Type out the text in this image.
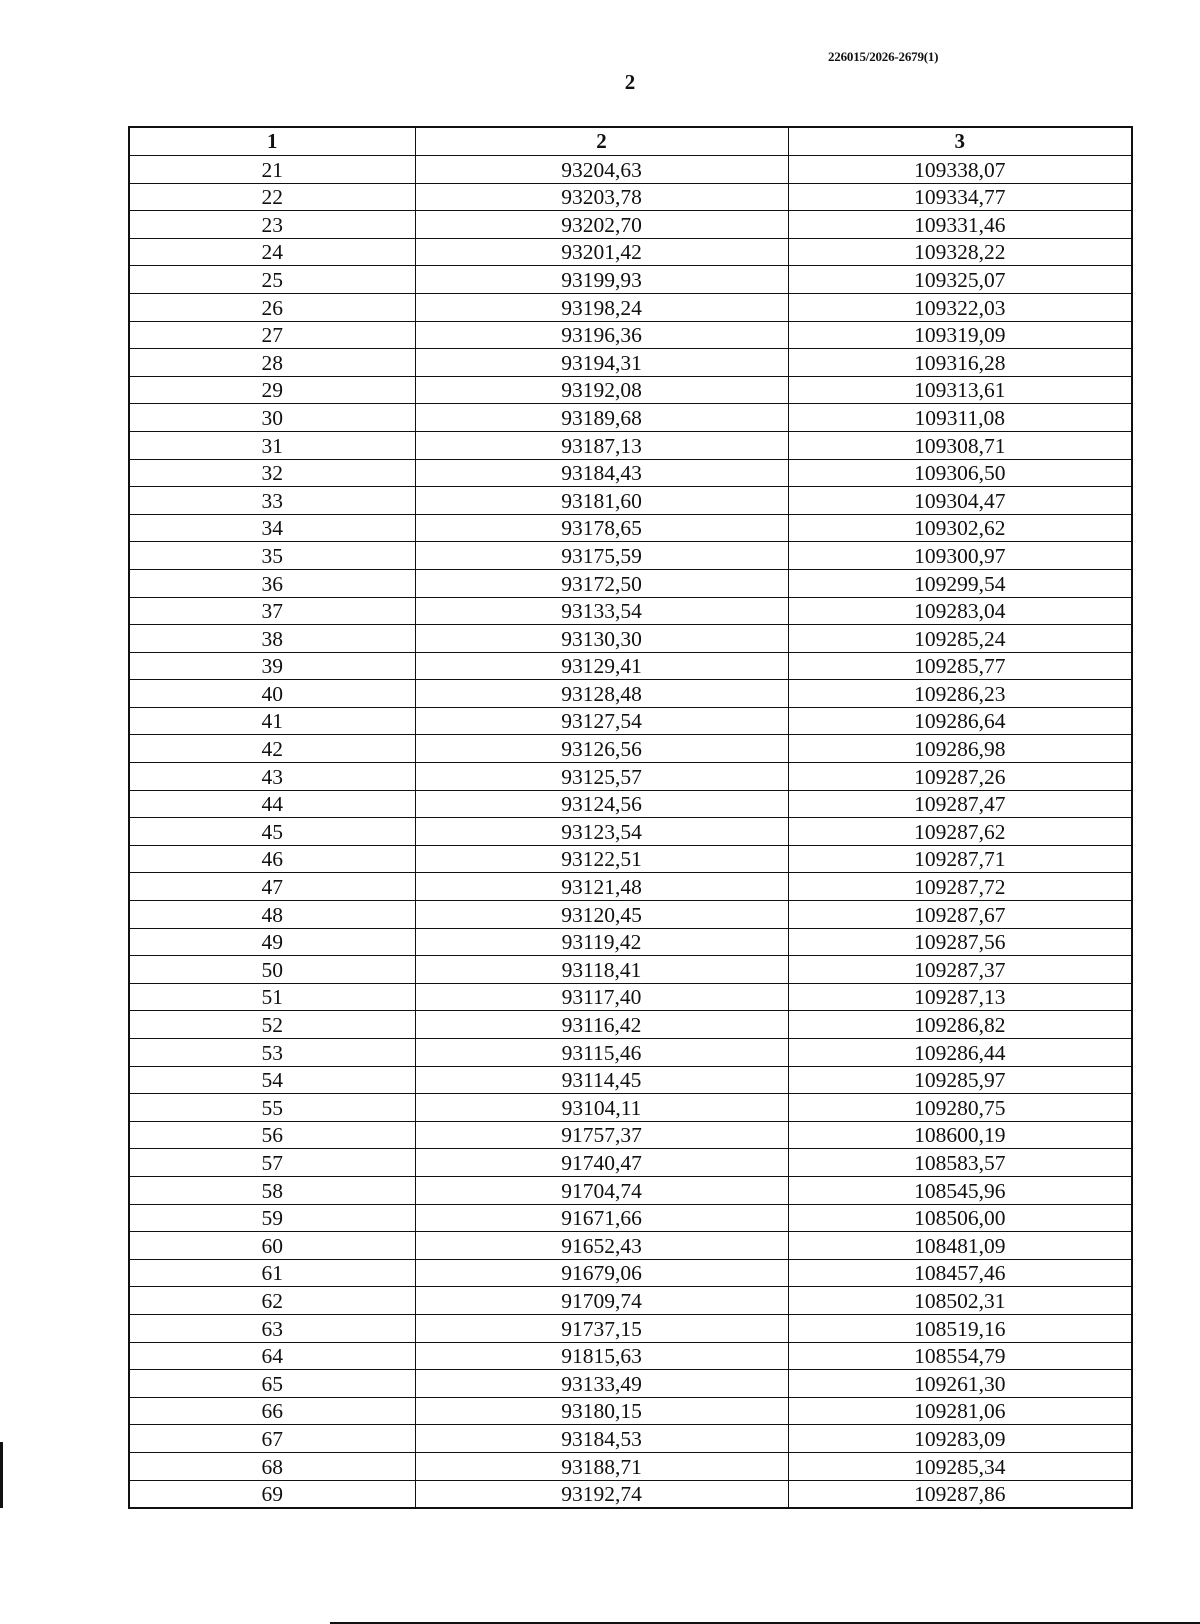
226015/2026-2679(1)
2
1	2	3
21	93204,63	109338,07
22	93203,78	109334,77
23	93202,70	109331,46
24	93201,42	109328,22
25	93199,93	109325,07
26	93198,24	109322,03
27	93196,36	109319,09
28	93194,31	109316,28
29	93192,08	109313,61
30	93189,68	109311,08
31	93187,13	109308,71
32	93184,43	109306,50
33	93181,60	109304,47
34	93178,65	109302,62
35	93175,59	109300,97
36	93172,50	109299,54
37	93133,54	109283,04
38	93130,30	109285,24
39	93129,41	109285,77
40	93128,48	109286,23
41	93127,54	109286,64
42	93126,56	109286,98
43	93125,57	109287,26
44	93124,56	109287,47
45	93123,54	109287,62
46	93122,51	109287,71
47	93121,48	109287,72
48	93120,45	109287,67
49	93119,42	109287,56
50	93118,41	109287,37
51	93117,40	109287,13
52	93116,42	109286,82
53	93115,46	109286,44
54	93114,45	109285,97
55	93104,11	109280,75
56	91757,37	108600,19
57	91740,47	108583,57
58	91704,74	108545,96
59	91671,66	108506,00
60	91652,43	108481,09
61	91679,06	108457,46
62	91709,74	108502,31
63	91737,15	108519,16
64	91815,63	108554,79
65	93133,49	109261,30
66	93180,15	109281,06
67	93184,53	109283,09
68	93188,71	109285,34
69	93192,74	109287,86
